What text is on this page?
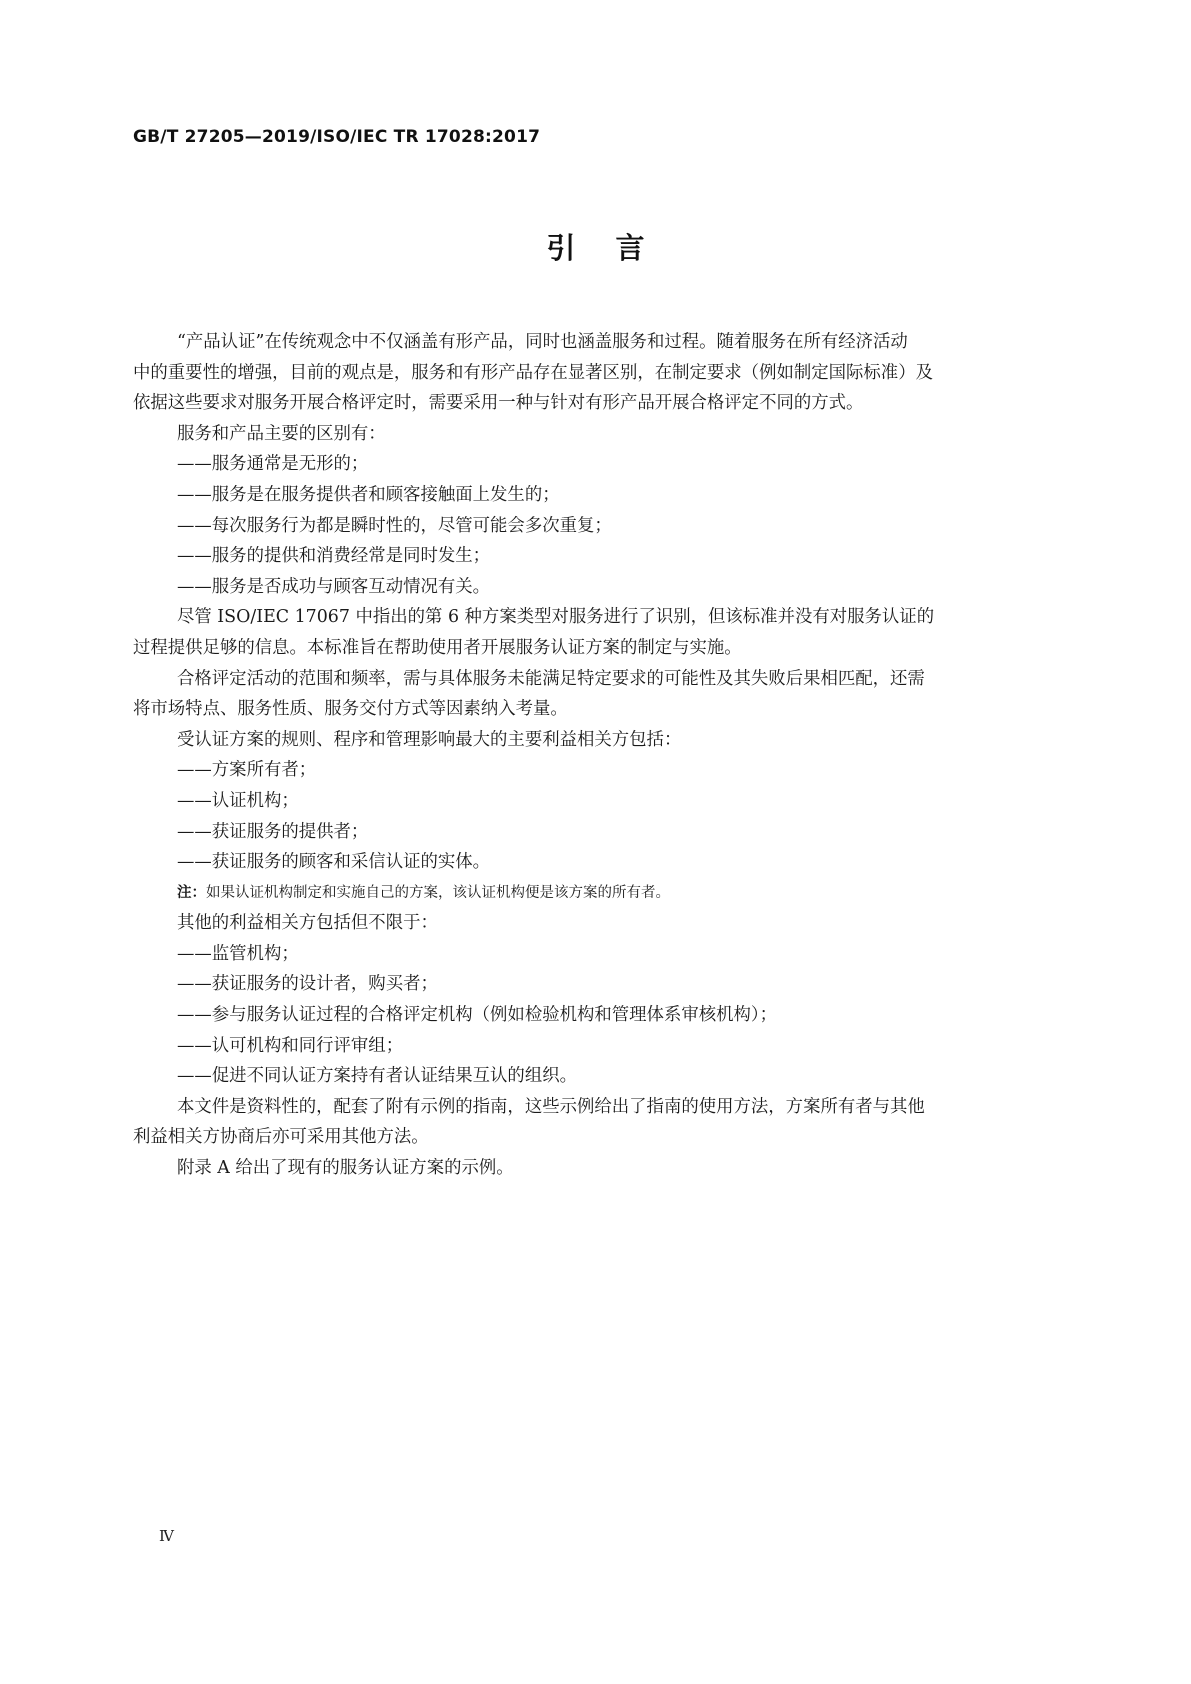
GB/T 27205—2019/ISO/IEC TR 17028:2017
引言

“产品认证”在传统观念中不仅涵盖有形产品，同时也涵盖服务和过程。随着服务在所有经济活动

中的重要性的增强，目前的观点是，服务和有形产品存在显著区别，在制定要求（例如制定国际标准）及

依据这些要求对服务开展合格评定时，需要采用一种与针对有形产品开展合格评定不同的方式。

服务和产品主要的区别有：

——服务通常是无形的；

——服务是在服务提供者和顾客接触面上发生的；

——每次服务行为都是瞬时性的，尽管可能会多次重复；

——服务的提供和消费经常是同时发生；

——服务是否成功与顾客互动情况有关。

尽管 ISO/IEC 17067 中指出的第 6 种方案类型对服务进行了识别，但该标准并没有对服务认证的

过程提供足够的信息。本标准旨在帮助使用者开展服务认证方案的制定与实施。

合格评定活动的范围和频率，需与具体服务未能满足特定要求的可能性及其失败后果相匹配，还需

将市场特点、服务性质、服务交付方式等因素纳入考量。

受认证方案的规则、程序和管理影响最大的主要利益相关方包括：

——方案所有者；

——认证机构；

——获证服务的提供者；

——获证服务的顾客和采信认证的实体。

注：如果认证机构制定和实施自己的方案，该认证机构便是该方案的所有者。

其他的利益相关方包括但不限于：

——监管机构；

——获证服务的设计者，购买者；

——参与服务认证过程的合格评定机构（例如检验机构和管理体系审核机构）；

——认可机构和同行评审组；

——促进不同认证方案持有者认证结果互认的组织。

本文件是资料性的，配套了附有示例的指南，这些示例给出了指南的使用方法，方案所有者与其他

利益相关方协商后亦可采用其他方法。

附录 A 给出了现有的服务认证方案的示例。

Ⅳ
